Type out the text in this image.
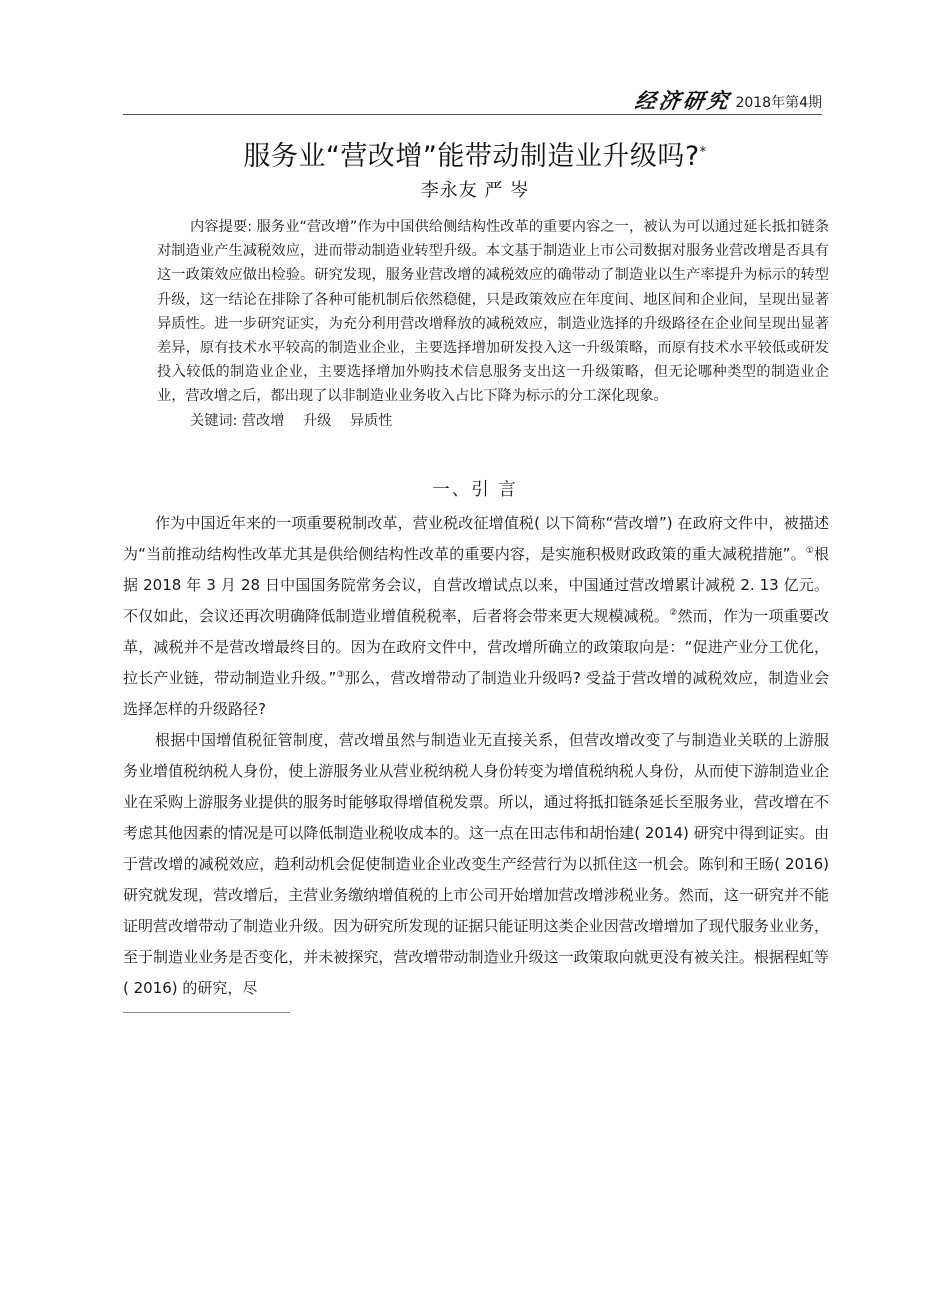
经济研究 2018年第4期
服务业“营改增”能带动制造业升级吗?*
李永友 严 岑
内容提要: 服务业“营改增”作为中国供给侧结构性改革的重要内容之一，被认为可以通过延长抵扣链条对制造业产生减税效应，进而带动制造业转型升级。本文基于制造业上市公司数据对服务业营改增是否具有这一政策效应做出检验。研究发现，服务业营改增的减税效应的确带动了制造业以生产率提升为标示的转型升级，这一结论在排除了各种可能机制后依然稳健，只是政策效应在年度间、地区间和企业间，呈现出显著异质性。进一步研究证实，为充分利用营改增释放的减税效应，制造业选择的升级路径在企业间呈现出显著差异，原有技术水平较高的制造业企业，主要选择增加研发投入这一升级策略，而原有技术水平较低或研发投入较低的制造业企业，主要选择增加外购技术信息服务支出这一升级策略，但无论哪种类型的制造业企业，营改增之后，都出现了以非制造业业务收入占比下降为标示的分工深化现象。
关键词: 营改增 升级 异质性
一、引 言

作为中国近年来的一项重要税制改革，营业税改征增值税( 以下简称“营改增”) 在政府文件中，被描述为“当前推动结构性改革尤其是供给侧结构性改革的重要内容，是实施积极财政政策的重大减税措施”。①根据 2018 年 3 月 28 日中国国务院常务会议，自营改增试点以来，中国通过营改增累计减税 2. 13 亿元。不仅如此，会议还再次明确降低制造业增值税税率，后者将会带来更大规模减税。②然而，作为一项重要改革，减税并不是营改增最终目的。因为在政府文件中，营改增所确立的政策取向是：“促进产业分工优化，拉长产业链，带动制造业升级。”③那么，营改增带动了制造业升级吗? 受益于营改增的减税效应，制造业会选择怎样的升级路径?

根据中国增值税征管制度，营改增虽然与制造业无直接关系，但营改增改变了与制造业关联的上游服务业增值税纳税人身份，使上游服务业从营业税纳税人身份转变为增值税纳税人身份，从而使下游制造业企业在采购上游服务业提供的服务时能够取得增值税发票。所以，通过将抵扣链条延长至服务业，营改增在不考虑其他因素的情况是可以降低制造业税收成本的。这一点在田志伟和胡怡建( 2014) 研究中得到证实。由于营改增的减税效应，趋利动机会促使制造业企业改变生产经营行为以抓住这一机会。陈钊和王旸( 2016) 研究就发现，营改增后，主营业务缴纳增值税的上市公司开始增加营改增涉税业务。然而，这一研究并不能证明营改增带动了制造业升级。因为研究所发现的证据只能证明这类企业因营改增增加了现代服务业业务，至于制造业业务是否变化，并未被探究，营改增带动制造业升级这一政策取向就更没有被关注。根据程虹等( 2016) 的研究，尽
